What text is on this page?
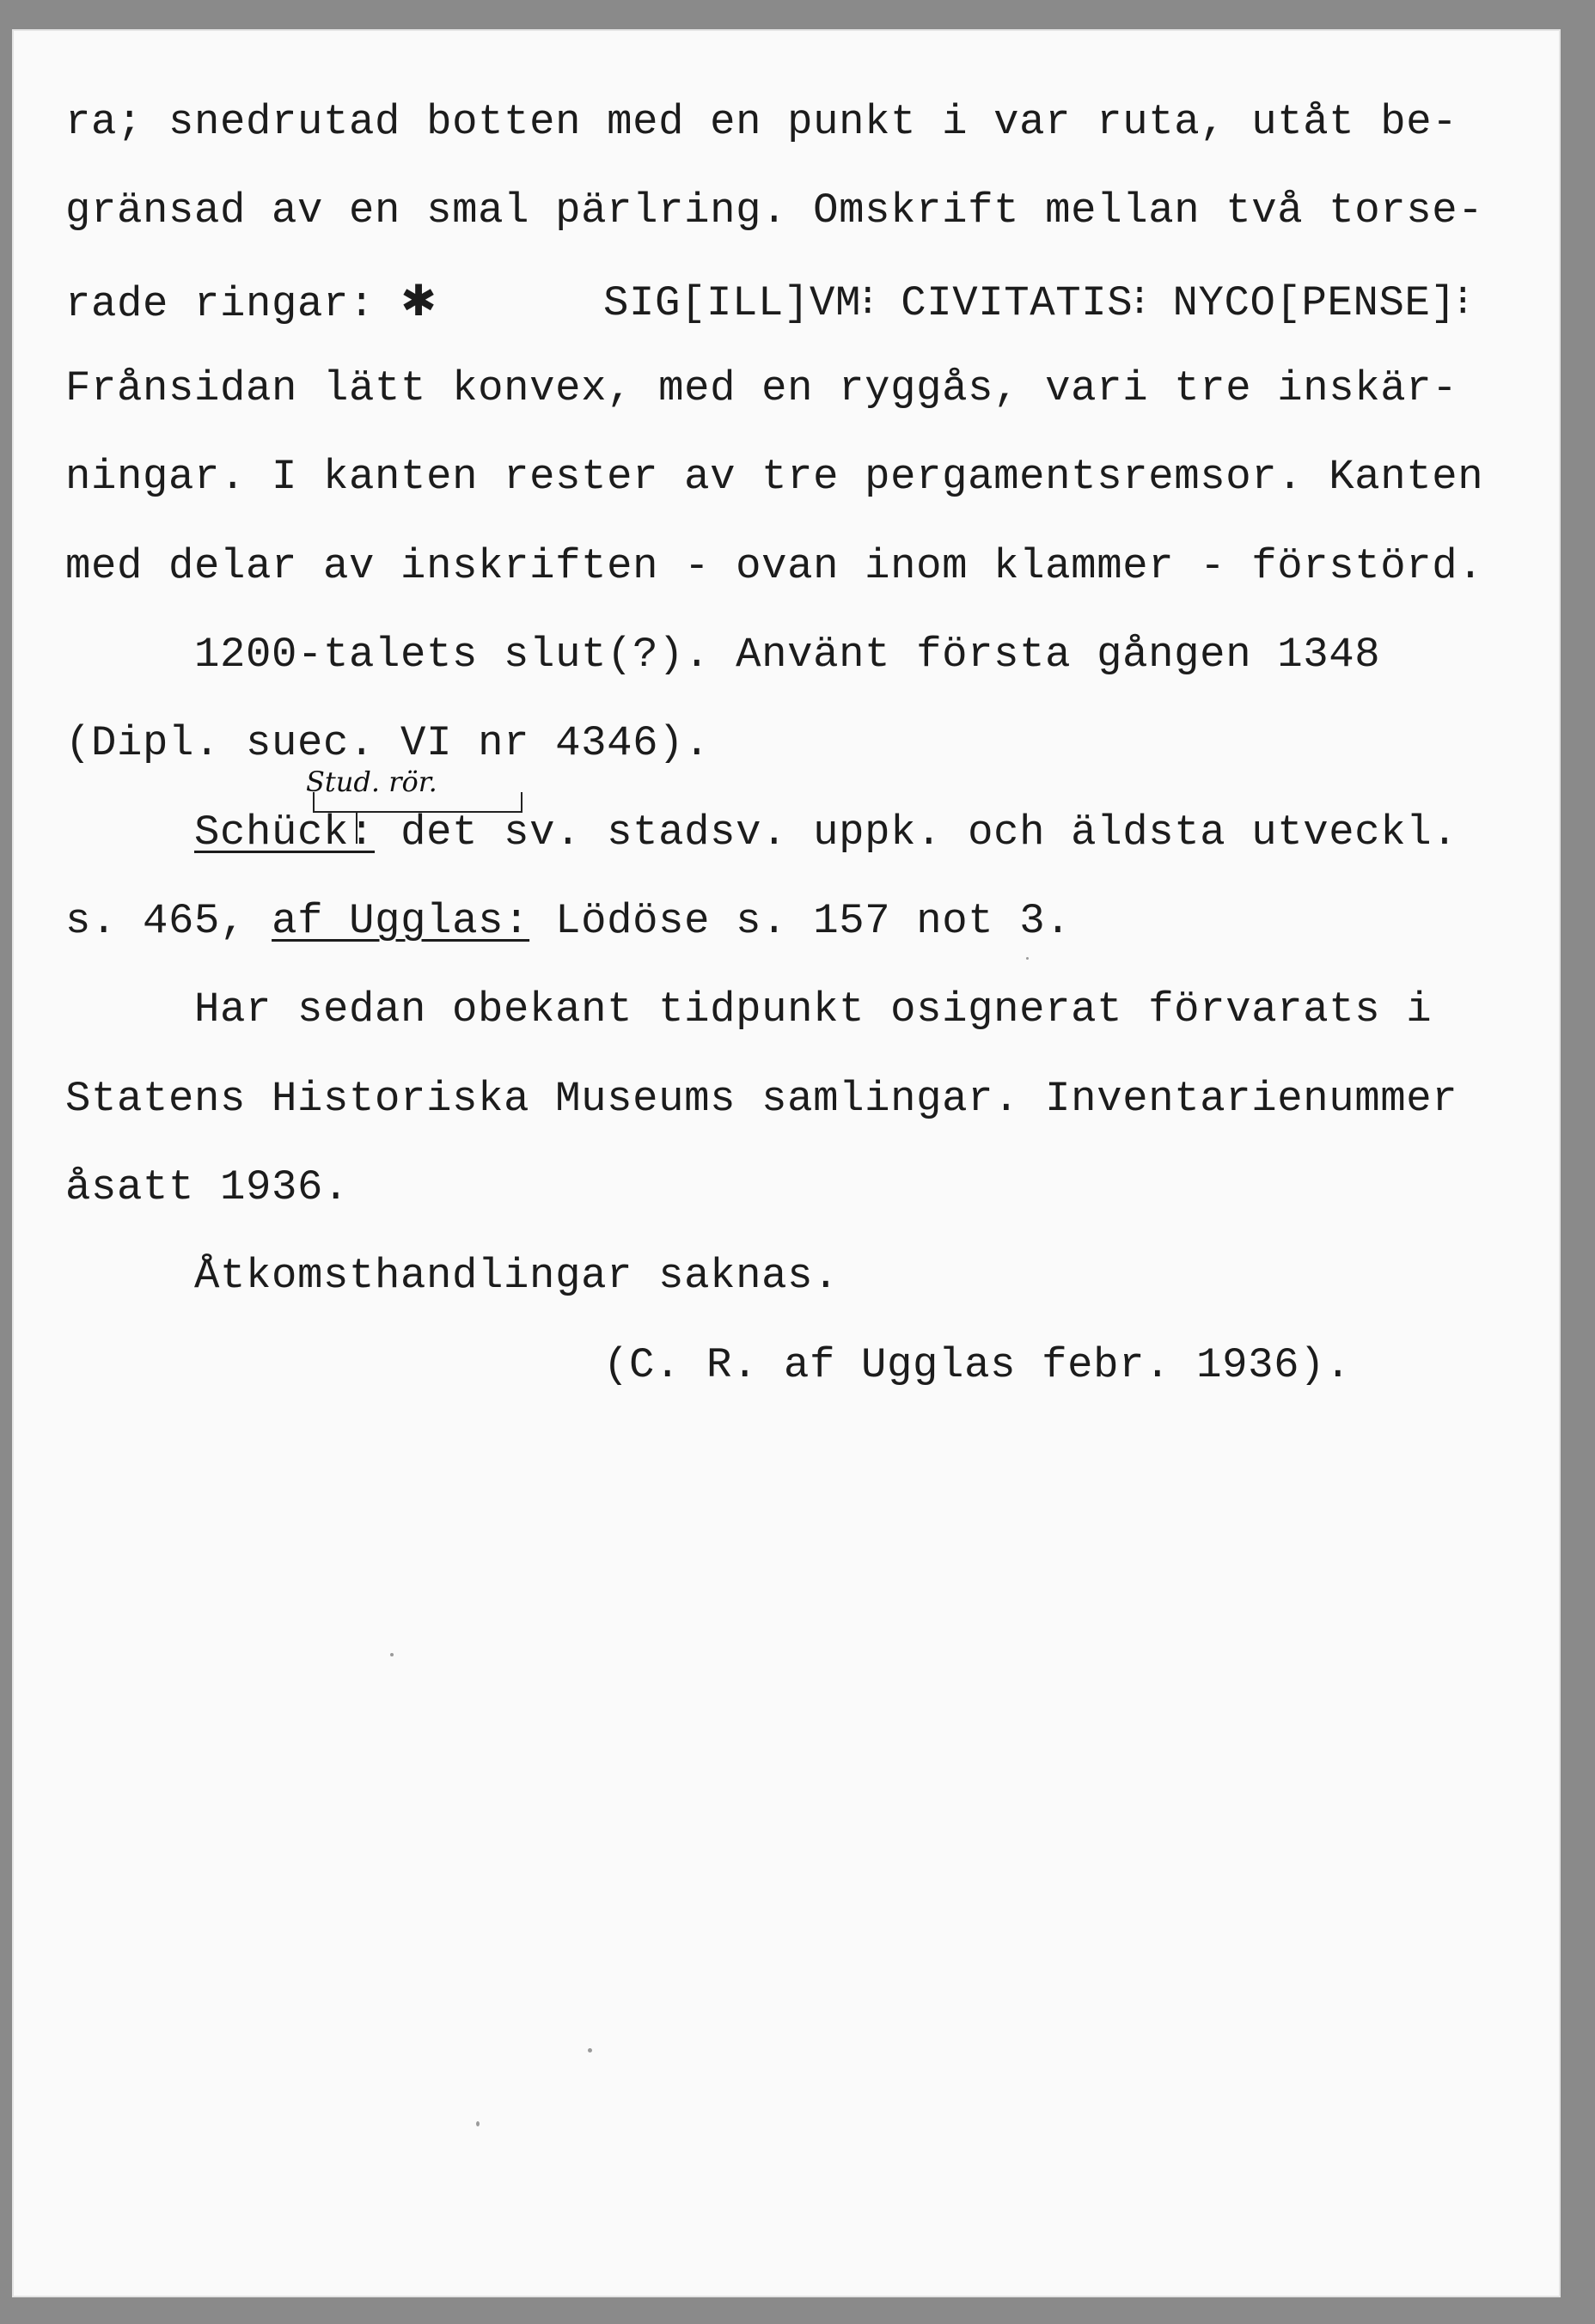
ra; snedrutad botten med en punkt i var ruta, utåt be-
gränsad av en smal pärlring. Omskrift mellan två torse-
rade ringar: ✱	SIG[ILL]VM⁝ CIVITATIS⁝ NYCO[PENSE]⁝
Frånsidan lätt konvex, med en ryggås, vari tre inskär-
ningar. I kanten rester av tre pergamentsremsor. Kanten
med delar av inskriften - ovan inom klammer - förstörd.
1200-talets slut(?). Använt första gången 1348
(Dipl. suec. VI nr 4346).
Stud. rör.
Schück: det sv. stadsv. uppk. och äldsta utveckl.
s. 465, af Ugglas: Lödöse s. 157 not 3.
Har sedan obekant tidpunkt osignerat förvarats i
Statens Historiska Museums samlingar. Inventarienummer
åsatt 1936.
Åtkomsthandlingar saknas.
(C. R. af Ugglas febr. 1936).
